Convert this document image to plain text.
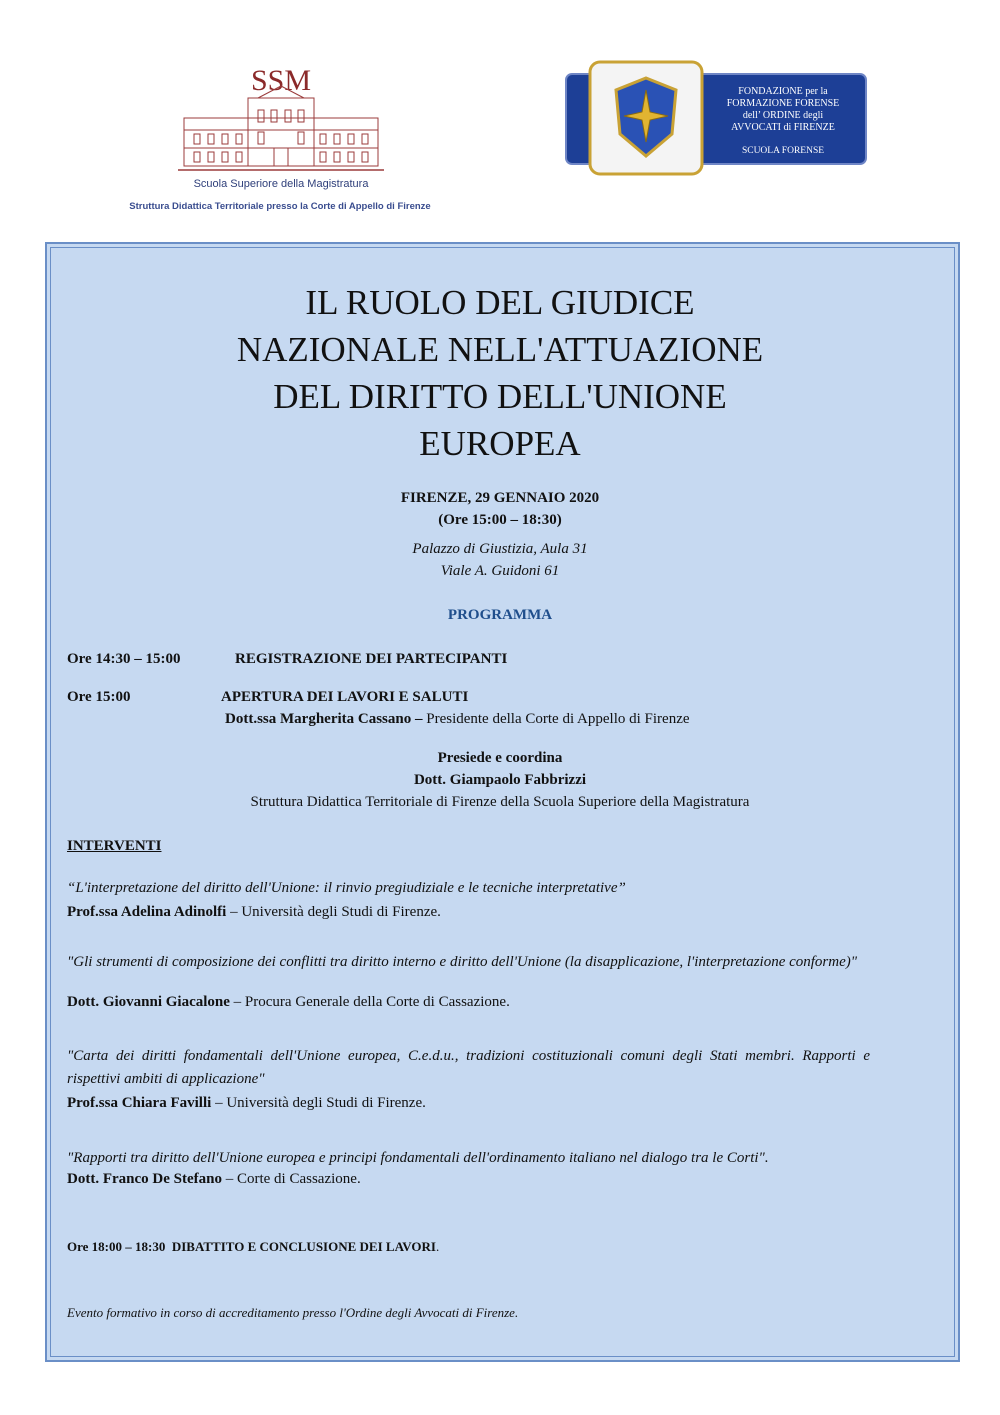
SSM
Scuola Superiore della Magistratura
Struttura Didattica Territoriale presso la Corte di Appello di Firenze
FONDAZIONE per la
FORMAZIONE FORENSE
dell’ ORDINE degli
AVVOCATI di FIRENZE
SCUOLA FORENSE
IL RUOLO DEL GIUDICE
NAZIONALE NELL'ATTUAZIONE
DEL DIRITTO DELL'UNIONE
EUROPEA
FIRENZE, 29 GENNAIO 2020
(Ore 15:00 – 18:30)
Palazzo di Giustizia, Aula 31
Viale A. Guidoni 61
PROGRAMMA
Ore 14:30 – 15:00	REGISTRAZIONE DEI PARTECIPANTI
Ore 15:00	APERTURA DEI LAVORI E SALUTI
Dott.ssa Margherita Cassano – Presidente della Corte di Appello di Firenze
Presiede e coordina
Dott. Giampaolo Fabbrizzi
Struttura Didattica Territoriale di Firenze della Scuola Superiore della Magistratura
INTERVENTI
“L'interpretazione del diritto dell'Unione: il rinvio pregiudiziale e le tecniche interpretative”
Prof.ssa Adelina Adinolfi – Università degli Studi di Firenze.
"Gli strumenti di composizione dei conflitti tra diritto interno e diritto dell'Unione (la disapplicazione, l'interpretazione conforme)"
Dott. Giovanni Giacalone – Procura Generale della Corte di Cassazione.
"Carta dei diritti fondamentali dell'Unione europea, C.e.d.u., tradizioni costituzionali comuni degli Stati membri. Rapporti e rispettivi ambiti di applicazione"
Prof.ssa Chiara Favilli – Università degli Studi di Firenze.
"Rapporti tra diritto dell'Unione europea e principi fondamentali dell'ordinamento italiano nel dialogo tra le Corti".
Dott. Franco De Stefano – Corte di Cassazione.
Ore 18:00 – 18:30 DIBATTITO E CONCLUSIONE DEI LAVORI.
Evento formativo in corso di accreditamento presso l'Ordine degli Avvocati di Firenze.
